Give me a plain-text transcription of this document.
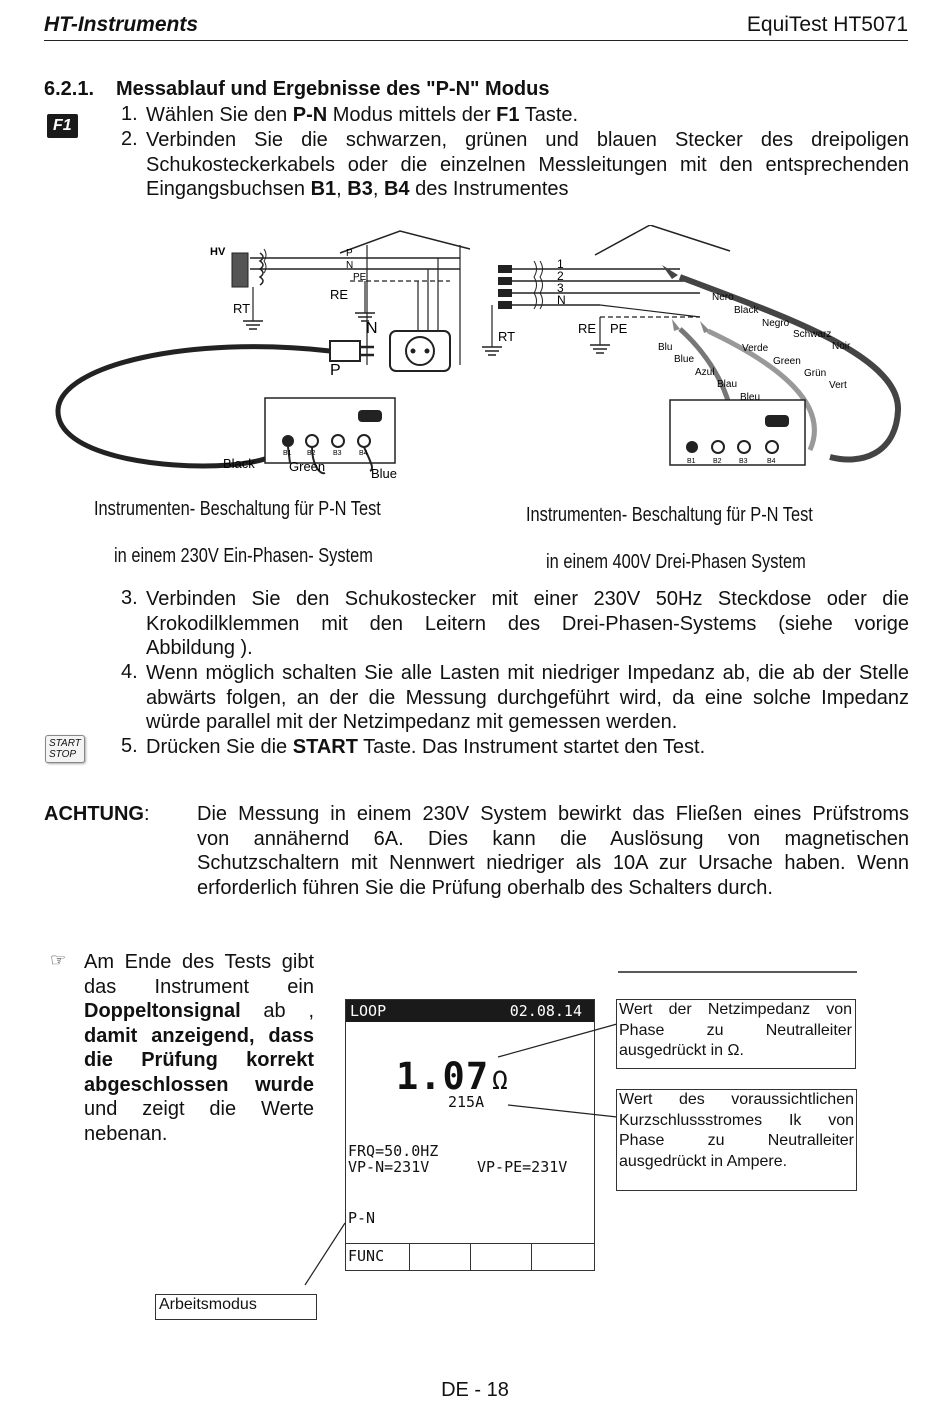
HT-Instruments	EquiTest HT5071
6.2.1. Messablauf und Ergebnisse des "P-N" Modus
F1
1. Wählen Sie den P-N Modus mittels der F1 Taste.
2. Verbinden Sie die schwarzen, grünen und blauen Stecker des dreipoligen
Schukosteckerkabels oder die einzelnen Messleitungen mit den entsprechenden
Eingangsbuchsen B1, B3, B4 des Instrumentes
HV	P
N
PE
RE
RT
N
P
Black	Green	Blue
B1 B2 B3 B4
1
2
3
N
RE PE
RT
Nero
Black
Negro
Schwarz
Noir
Blu
Blue
Azul
Blau
Bleu
Verde
Green
Grün
Vert
B1 B2 B3	B4
Instrumenten- Beschaltung für P-N Test
in einem 230V Ein-Phasen- System
Instrumenten- Beschaltung für P-N Test
in einem 400V Drei-Phasen System
3. Verbinden Sie den Schukostecker mit einer 230V 50Hz Steckdose oder die
Krokodilklemmen mit den Leitern des Drei-Phasen-Systems (siehe vorige
Abbildung ).
4. Wenn möglich schalten Sie alle Lasten mit niedriger Impedanz ab, die ab der Stelle
abwärts folgen, an der die Messung durchgeführt wird, da eine solche Impedanz
würde parallel mit der Netzimpedanz mit gemessen werden.
START
STOP 5. Drücken Sie die START Taste. Das Instrument startet den Test.
ACHTUNG: Die Messung in einem 230V System bewirkt das Fließen eines Prüfstroms
von annähernd 6A. Dies kann die Auslösung von magnetischen
Schutzschaltern mit Nennwert niedriger als 10A zur Ursache haben. Wenn
erforderlich führen Sie die Prüfung oberhalb des Schalters durch.
☞ Am Ende des Tests gibt
das Instrument ein
Doppeltonsignal ab ,
damit anzeigend, dass
die Prüfung korrekt
abgeschlossen wurde
und zeigt die Werte
nebenan.
LOOP	02.08.14
1.07 Ω
215A
FRQ=50.0HZ
VP-N=231V	VP-PE=231V
P-N
FUNC
Wert der Netzimpedanz von
Phase zu Neutralleiter
ausgedrückt in Ω.
Wert des voraussichtlichen
Kurzschlussstromes Ik von
Phase zu Neutralleiter
ausgedrückt in Ampere.
Arbeitsmodus
DE - 18
